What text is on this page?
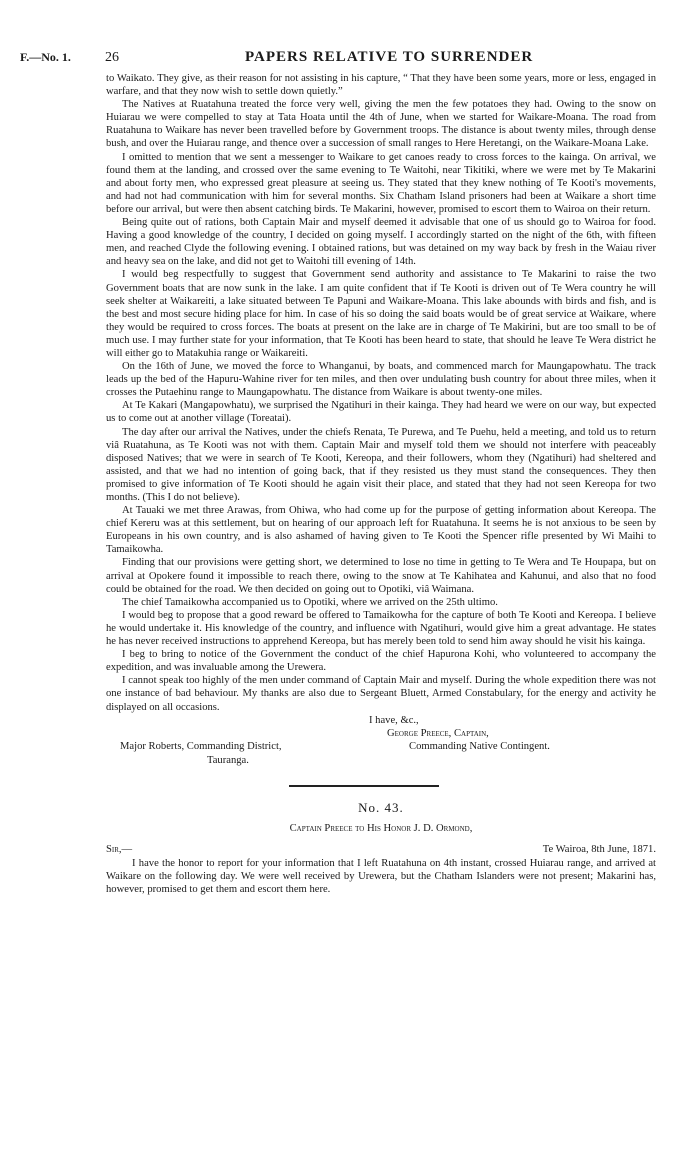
F.—No. 1. 26	PAPERS RELATIVE TO SURRENDER

to Waikato. They give, as their reason for not assisting in his capture, “ That they have been some years, more or less, engaged in warfare, and that they now wish to settle down quietly.”

The Natives at Ruatahuna treated the force very well, giving the men the few potatoes they had. Owing to the snow on Huiarau we were compelled to stay at Tata Hoata until the 4th of June, when we started for Waikare-Moana. The road from Ruatahuna to Waikare has never been travelled before by Government troops. The distance is about twenty miles, through dense bush, and over the Huiarau range, and thence over a succession of small ranges to Here Heretangi, on the Waikare-Moana Lake.

I omitted to mention that we sent a messenger to Waikare to get canoes ready to cross forces to the kainga. On arrival, we found them at the landing, and crossed over the same evening to Te Waitohi, near Tikitiki, where we were met by Te Makarini and about forty men, who expressed great pleasure at seeing us. They stated that they knew nothing of Te Kooti's movements, and had not had communication with him for several months. Six Chatham Island prisoners had been at Waikare a short time before our arrival, but were then absent catching birds. Te Makarini, however, promised to escort them to Wairoa on their return.

Being quite out of rations, both Captain Mair and myself deemed it advisable that one of us should go to Wairoa for food. Having a good knowledge of the country, I decided on going myself. I accordingly started on the night of the 6th, with fifteen men, and reached Clyde the following evening. I obtained rations, but was detained on my way back by fresh in the Waiau river and heavy sea on the lake, and did not get to Waitohi till evening of 14th.

I would beg respectfully to suggest that Government send authority and assistance to Te Makarini to raise the two Government boats that are now sunk in the lake. I am quite confident that if Te Kooti is driven out of Te Wera country he will seek shelter at Waikareiti, a lake situated between Te Papuni and Waikare-Moana. This lake abounds with birds and fish, and is the best and most secure hiding place for him. In case of his so doing the said boats would be of great service at Waikare, where they would be required to cross forces. The boats at present on the lake are in charge of Te Makirini, but are too small to be of much use. I may further state for your information, that Te Kooti has been heard to state, that should he leave Te Wera district he will either go to Matakuhia range or Waikareiti.

On the 16th of June, we moved the force to Whanganui, by boats, and commenced march for Maungapowhatu. The track leads up the bed of the Hapuru-Wahine river for ten miles, and then over undulating bush country for about three miles, when it crosses the Putaehinu range to Maungapowhatu. The distance from Waikare is about twenty-one miles.

At Te Kakari (Mangapowhatu), we surprised the Ngatihuri in their kainga. They had heard we were on our way, but expected us to come out at another village (Toreatai).

The day after our arrival the Natives, under the chiefs Renata, Te Purewa, and Te Puehu, held a meeting, and told us to return viâ Ruatahuna, as Te Kooti was not with them. Captain Mair and myself told them we should not interfere with peaceably disposed Natives; that we were in search of Te Kooti, Kereopa, and their followers, whom they (Ngatihuri) had sheltered and assisted, and that we had no intention of going back, that if they resisted us they must stand the consequences. They then promised to give information of Te Kooti should he again visit their place, and stated that they had not seen Kereopa for two months. (This I do not believe).

At Tauaki we met three Arawas, from Ohiwa, who had come up for the purpose of getting information about Kereopa. The chief Kereru was at this settlement, but on hearing of our approach left for Ruatahuna. It seems he is not anxious to be seen by Europeans in his own country, and is also ashamed of having given to Te Kooti the Spencer rifle presented by Wi Maihi to Tamaikowha.

Finding that our provisions were getting short, we determined to lose no time in getting to Te Wera and Te Houpapa, but on arrival at Opokere found it impossible to reach there, owing to the snow at Te Kahihatea and Kahunui, and also that no food could be obtained for the road. We then decided on going out to Opotiki, viâ Waimana.

The chief Tamaikowha accompanied us to Opotiki, where we arrived on the 25th ultimo.

I would beg to propose that a good reward be offered to Tamaikowha for the capture of both Te Kooti and Kereopa. I believe he would undertake it. His knowledge of the country, and influence with Ngatihuri, would give him a great advantage. He states he has never received instructions to apprehend Kereopa, but has merely been told to send him away should he visit his kainga.

I beg to bring to notice of the Government the conduct of the chief Hapurona Kohi, who volunteered to accompany the expedition, and was invaluable among the Urewera.

I cannot speak too highly of the men under command of Captain Mair and myself. During the whole expedition there was not one instance of bad behaviour. My thanks are also due to Sergeant Bluett, Armed Constabulary, for the energy and activity he displayed on all occasions.

I have, &c.,
George Preece, Captain,
Commanding Native Contingent.
Major Roberts, Commanding District,
Tauranga.
No. 43.
Captain Preece to His Honor J. D. Ormond,
Sir,—	Te Wairoa, 8th June, 1871.

I have the honor to report for your information that I left Ruatahuna on 4th instant, crossed Huiarau range, and arrived at Waikare on the following day. We were well received by Urewera, but the Chatham Islanders were not present; Makarini has, however, promised to get them and escort them here.
